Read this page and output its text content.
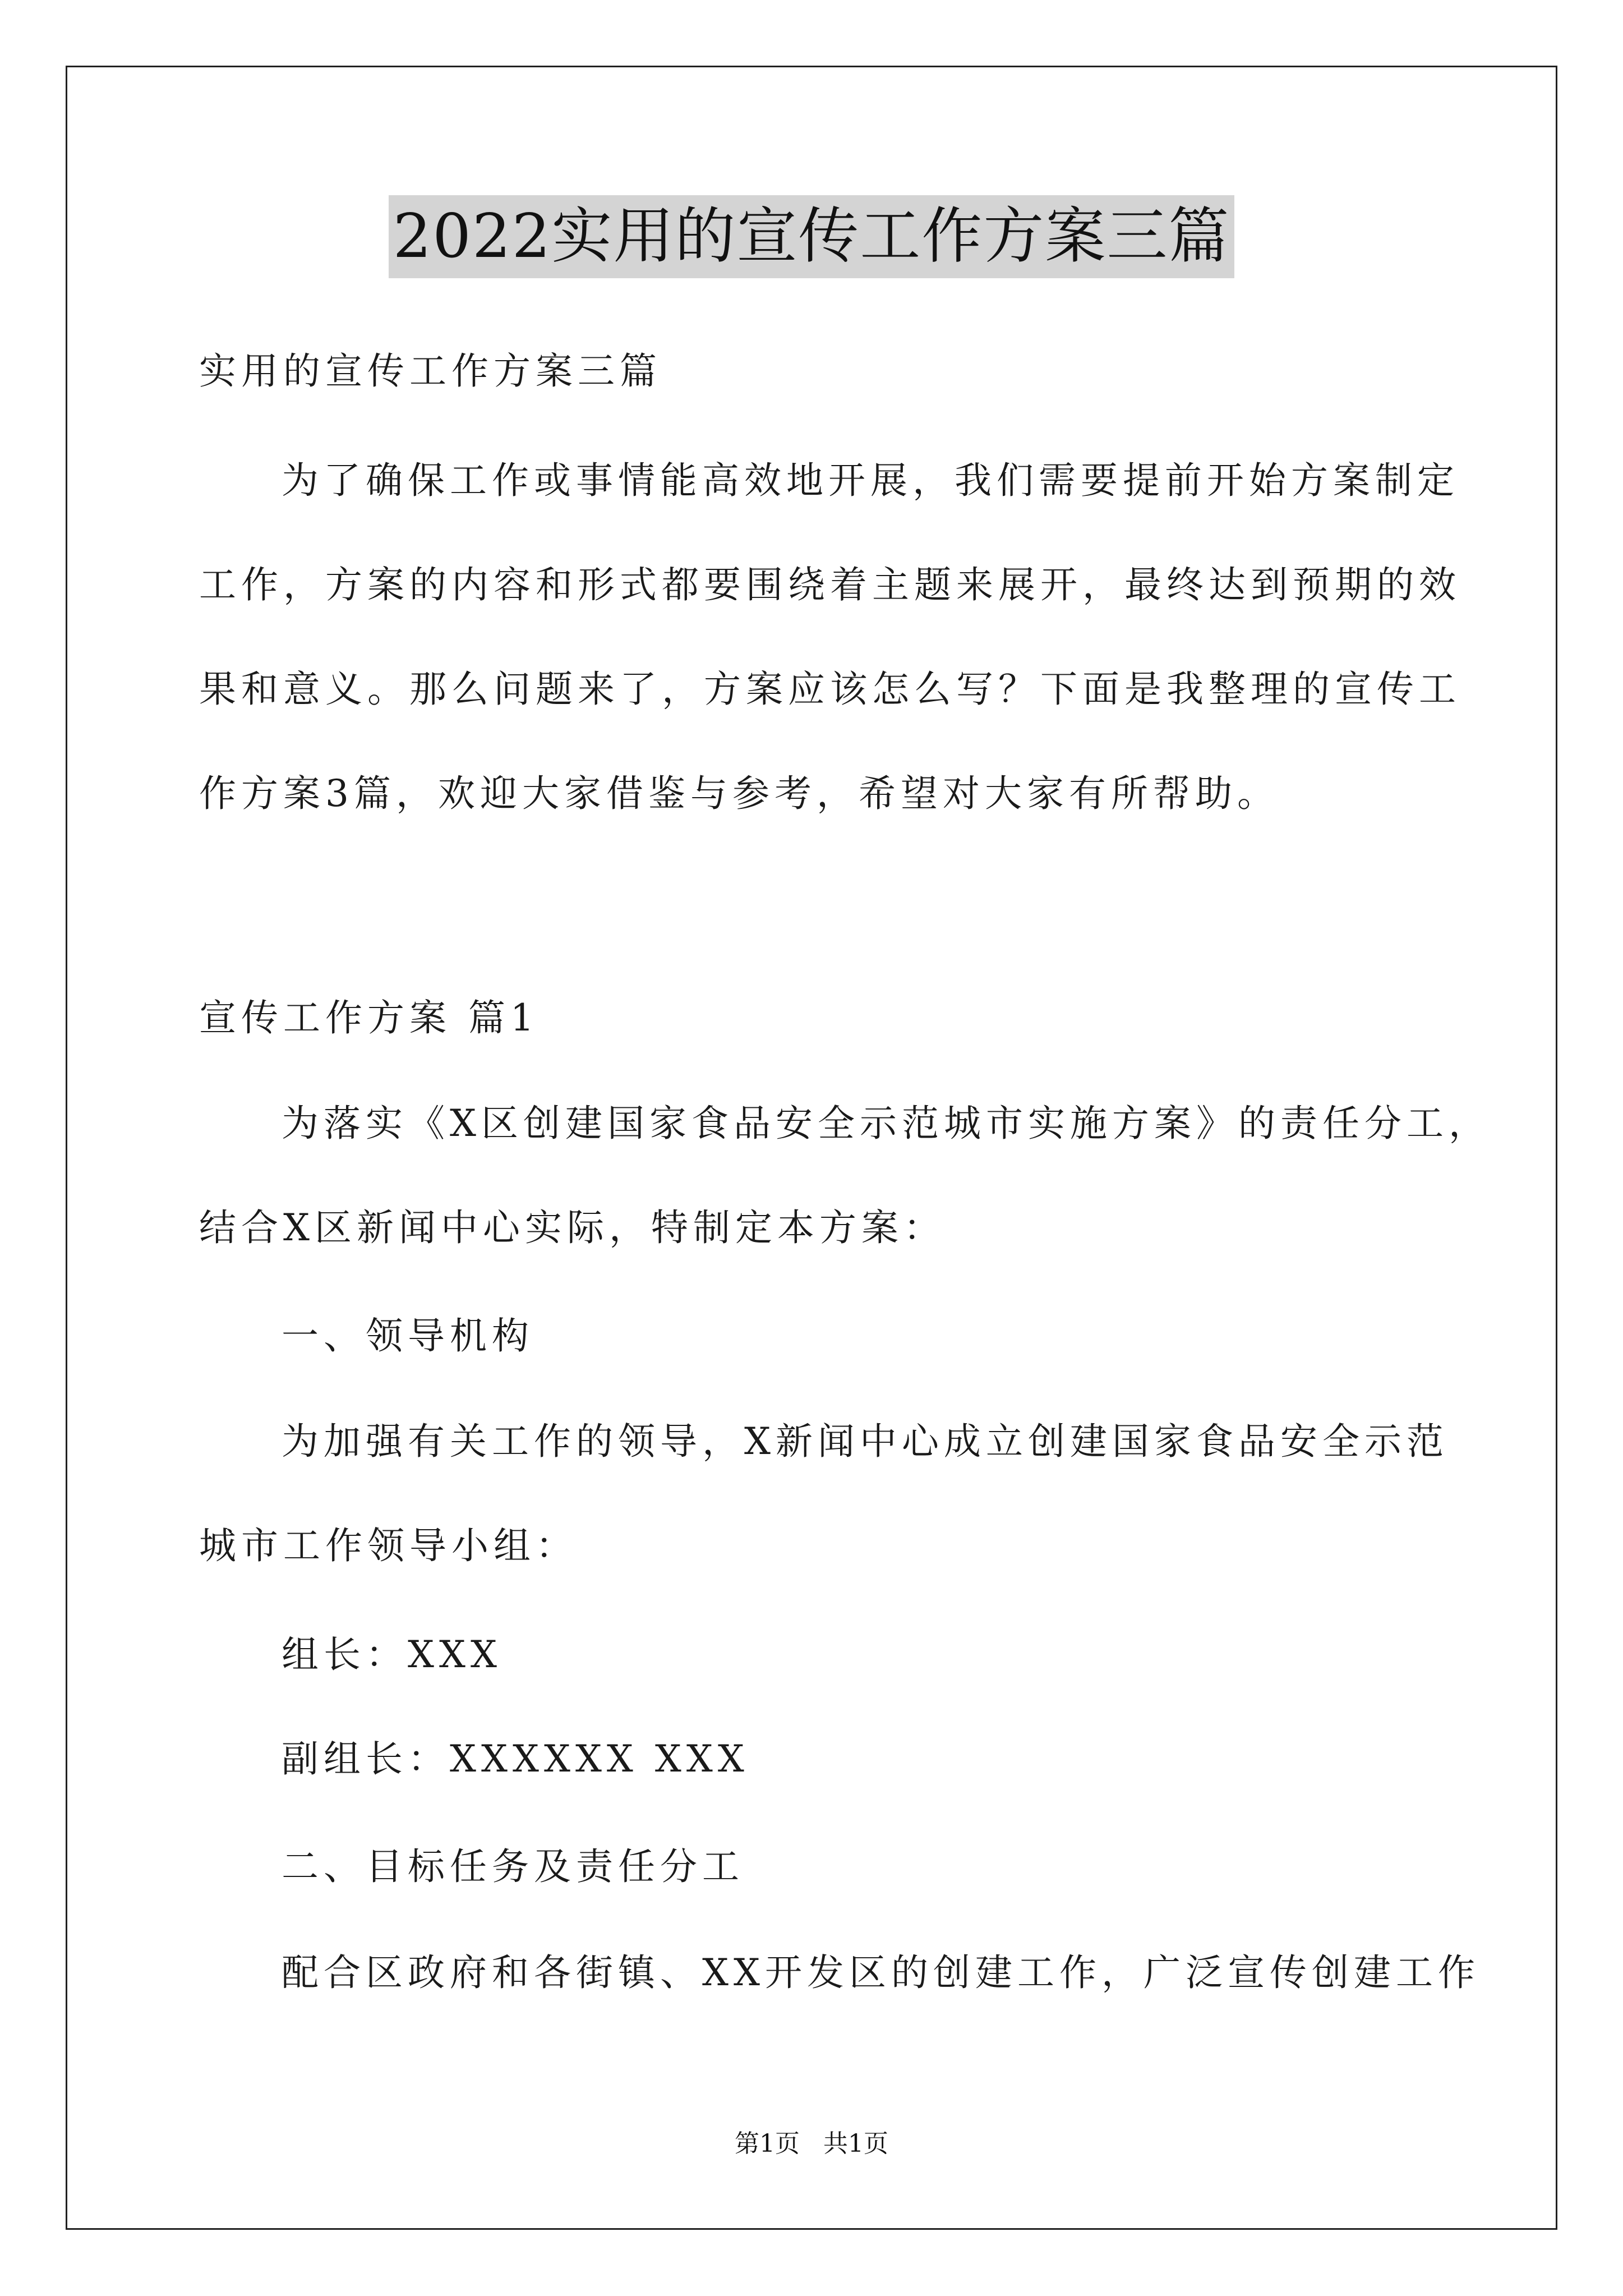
2022实用的宣传工作方案三篇
实用的宣传工作方案三篇
为了确保工作或事情能高效地开展，我们需要提前开始方案制定
工作，方案的内容和形式都要围绕着主题来展开，最终达到预期的效
果和意义。那么问题来了，方案应该怎么写？下面是我整理的宣传工
作方案3篇，欢迎大家借鉴与参考，希望对大家有所帮助。
宣传工作方案 篇1
为落实《X区创建国家食品安全示范城市实施方案》的责任分工，
结合X区新闻中心实际，特制定本方案：
一、领导机构
为加强有关工作的领导，X新闻中心成立创建国家食品安全示范
城市工作领导小组：
组长：XXX
副组长：XXXXXX XXX
二、目标任务及责任分工
配合区政府和各街镇、XX开发区的创建工作，广泛宣传创建工作
第1页 共1页
